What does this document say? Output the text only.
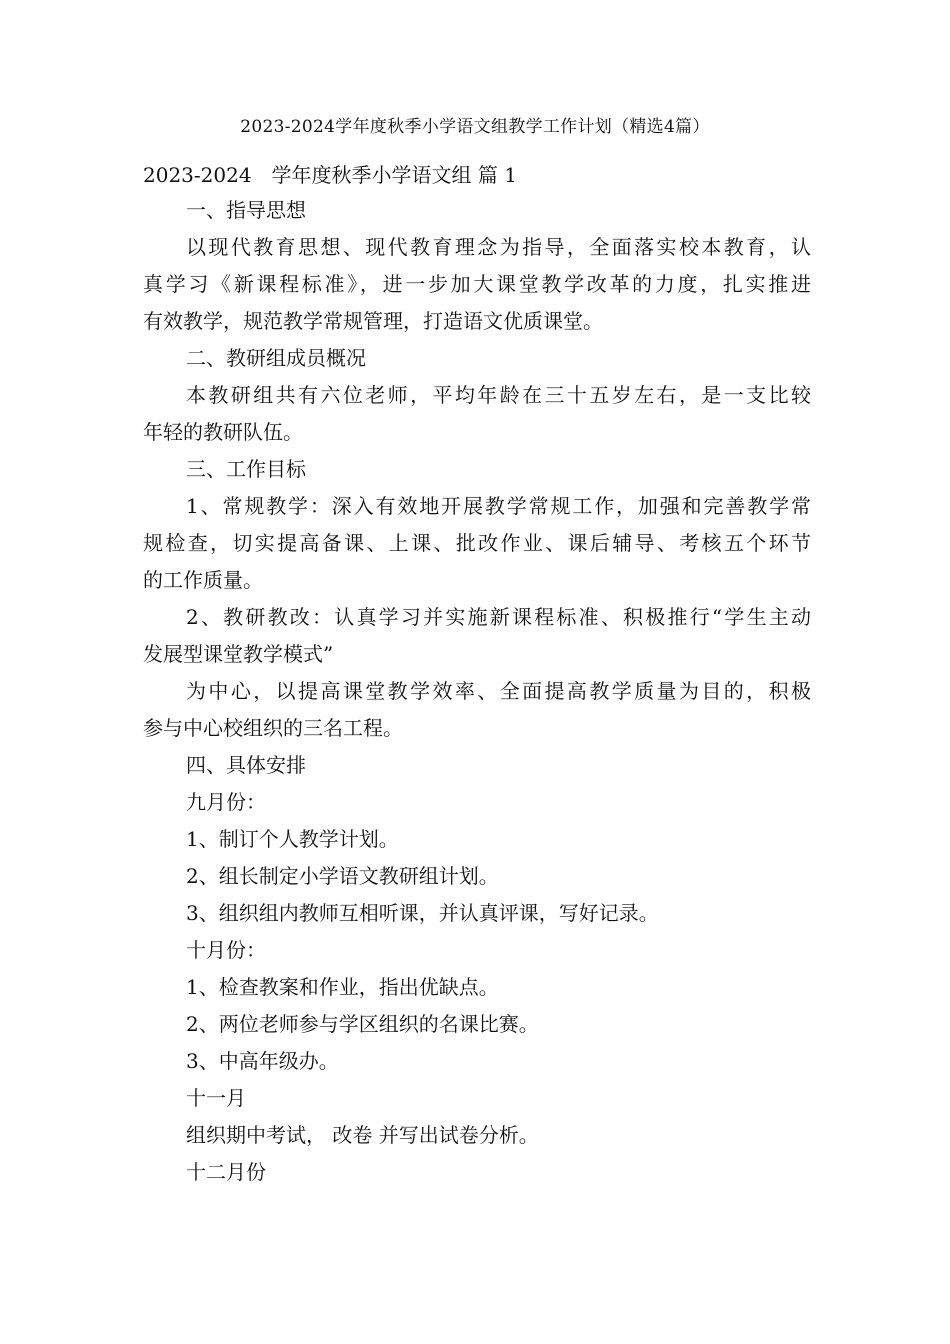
2023-2024学年度秋季小学语文组教学工作计划（精选4篇）
2023-2024　学年度秋季小学语文组 篇 1
一、指导思想
以现代教育思想、现代教育理念为指导，全面落实校本教育，认
真学习《新课程标准》，进一步加大课堂教学改革的力度，扎实推进
有效教学，规范教学常规管理，打造语文优质课堂。
二、教研组成员概况
本教研组共有六位老师，平均年龄在三十五岁左右，是一支比较
年轻的教研队伍。
三、工作目标
1、常规教学：深入有效地开展教学常规工作，加强和完善教学常
规检查，切实提高备课、上课、批改作业、课后辅导、考核五个环节
的工作质量。
2、教研教改：认真学习并实施新课程标准、积极推行“学生主动
发展型课堂教学模式”
为中心，以提高课堂教学效率、全面提高教学质量为目的，积极
参与中心校组织的三名工程。
四、具体安排
九月份：
1、制订个人教学计划。
2、组长制定小学语文教研组计划。
3、组织组内教师互相听课，并认真评课，写好记录。
十月份：
1、检查教案和作业，指出优缺点。
2、两位老师参与学区组织的名课比赛。
3、中高年级办。
十一月
组织期中考试， 改卷 并写出试卷分析。
十二月份
